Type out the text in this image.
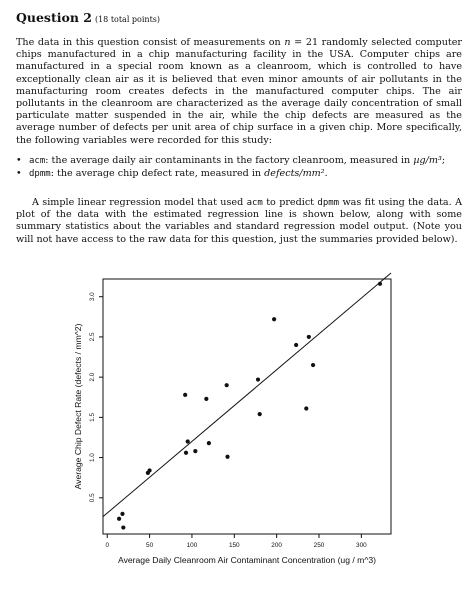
Question 2 (18 total points)
The data in this question consist of measurements on n = 21 randomly selected computer chips manufactured in a chip manufacturing facility in the USA. Computer chips are manufactured in a special room known as a cleanroom, which is controlled to have exceptionally clean air as it is believed that even minor amounts of air pollutants in the manufacturing room creates defects in the manufactured computer chips. The air pollutants in the cleanroom are characterized as the average daily concentration of small particulate matter suspended in the air, while the chip defects are measured as the average number of defects per unit area of chip surface in a given chip. More specifically, the following variables were recorded for this study:
• acm: the average daily air contaminants in the factory cleanroom, measured in µg/m³;
• dpmm: the average chip defect rate, measured in defects/mm².
A simple linear regression model that used acm to predict dpmm was fit using the data. A plot of the data with the estimated regression line is shown below, along with some summary statistics about the variables and standard regression model output. (Note you will not have access to the raw data for this question, just the summaries provided below).
0	50	100	150	200	250	300
0.5
1.0
1.5
2.0
2.5
3.0
Average Daily Cleanroom Air Contaminant Concentration (ug / m^3)
Average Chip Defect Rate (defects / mm^2)
